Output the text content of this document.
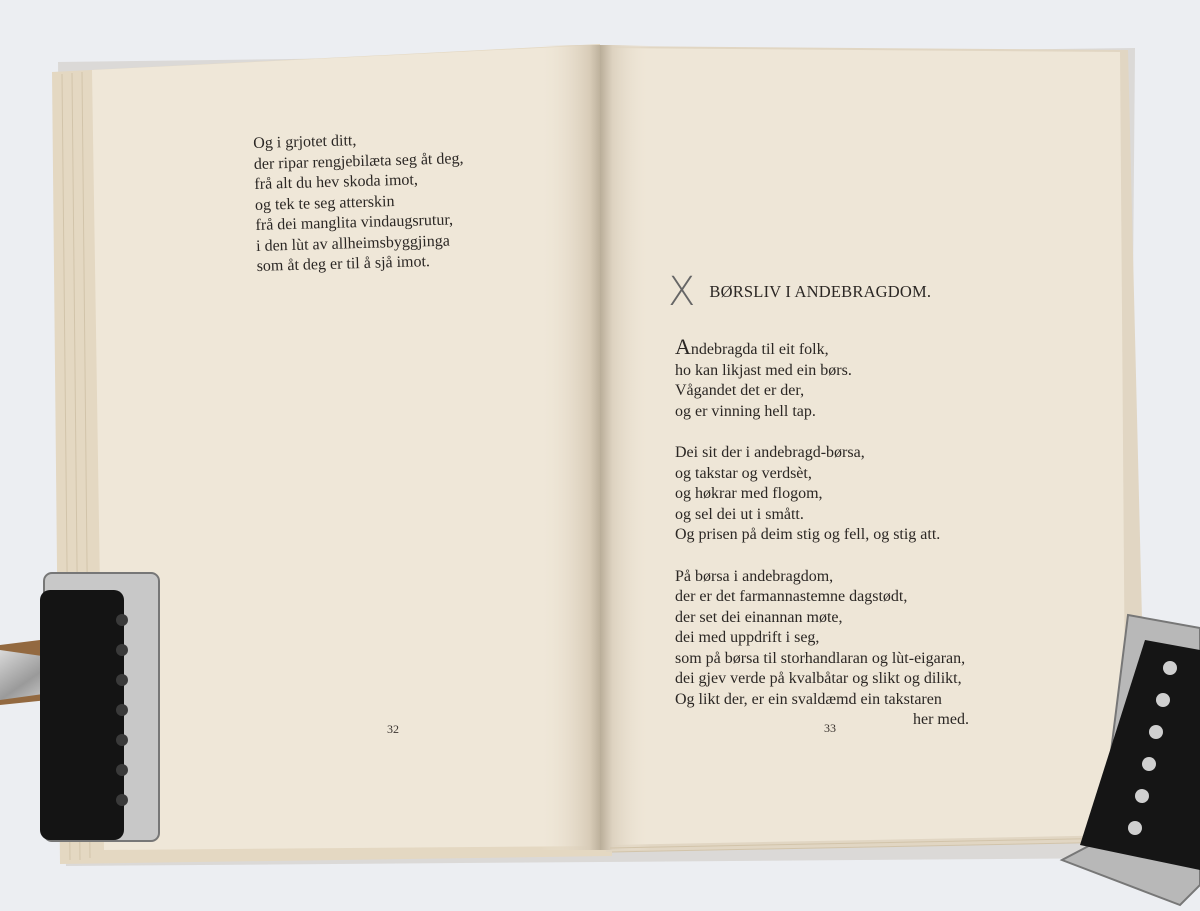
Og i grjotet ditt,
der ripar rengjebilæta seg åt deg,
frå alt du hev skoda imot,
og tek te seg atterskin
frå dei manglita vindaugsrutur,
i den lùt av allheimsbyggjinga
som åt deg er til å sjå imot.
32
X BØRSLIV I ANDEBRAGDOM.
Andebragda til eit folk,
ho kan likjast med ein børs.
Vågandet det er der,
og er vinning hell tap.
Dei sit der i andebragd-børsa,
og takstar og verdsèt,
og høkrar med flogom,
og sel dei ut i smått.
Og prisen på deim stig og fell, og stig att.
På børsa i andebragdom,
der er det farmannastemne dagstødt,
der set dei einannan møte,
dei med uppdrift i seg,
som på børsa til storhandlaran og lùt-eigaran,
dei gjev verde på kvalbåtar og slikt og dilikt,
Og likt der, er ein svaldæmd ein takstaren
her med.
33
